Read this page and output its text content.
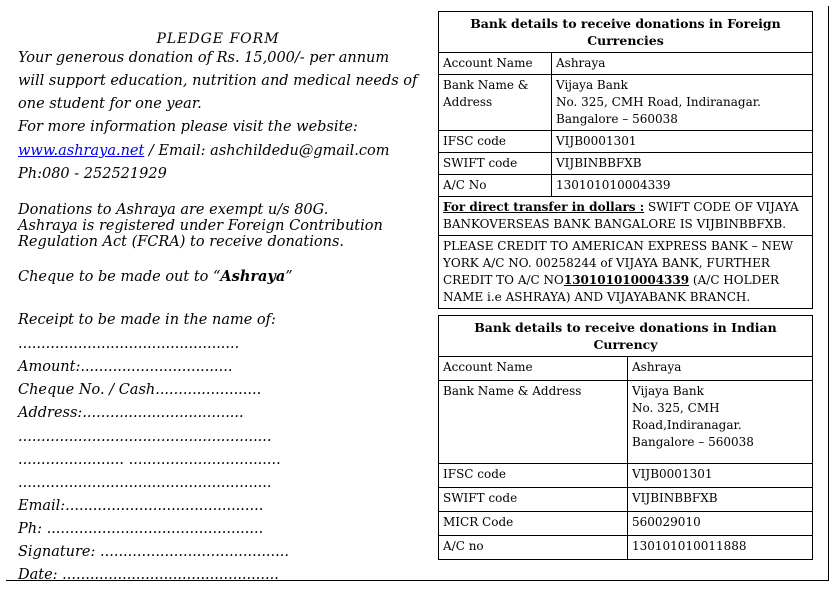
PLEDGE FORM
Your generous donation of Rs. 15,000/- per annum
will support education, nutrition and medical needs of
one student for one year.
For more information please visit the website:
www.ashraya.net / Email: ashchildedu@gmail.com
Ph:080 - 252521929
Donations to Ashraya are exempt u/s 80G.
Ashraya is registered under Foreign Contribution
Regulation Act (FCRA) to receive donations.
Cheque to be made out to “Ashraya”
Receipt to be made in the name of:
................................................
Amount:.................................
Cheque No. / Cash.......................
Address:...................................
.......................................................
....................... .................................
.......................................................
Email:...........................................
Ph: ...............................................
Signature: .........................................
Date: ...............................................
Bank details to receive donations in Foreign Currencies	
Account Name	Ashraya
Bank Name & Address	Vijaya Bank
No. 325, CMH Road, Indiranagar.
Bangalore – 560038
IFSC code	VIJB0001301
SWIFT code	VIJBINBBFXB
A/C No	130101010004339
For direct transfer in dollars : SWIFT CODE OF VIJAYA BANKOVERSEAS BANK BANGALORE IS VIJBINBBFXB.	
PLEASE CREDIT TO AMERICAN EXPRESS BANK – NEW YORK A/C NO. 00258244 of VIJAYA BANK, FURTHER CREDIT TO A/C NO130101010004339 (A/C HOLDER NAME i.e ASHRAYA) AND VIJAYABANK BRANCH.	
Bank details to receive donations in Indian Currency	
Account Name	Ashraya
Bank Name & Address	Vijaya Bank
No. 325, CMH
Road,Indiranagar.
Bangalore – 560038
IFSC code	VIJB0001301
SWIFT code	VIJBINBBFXB
MICR Code	560029010
A/C no	130101010011888
